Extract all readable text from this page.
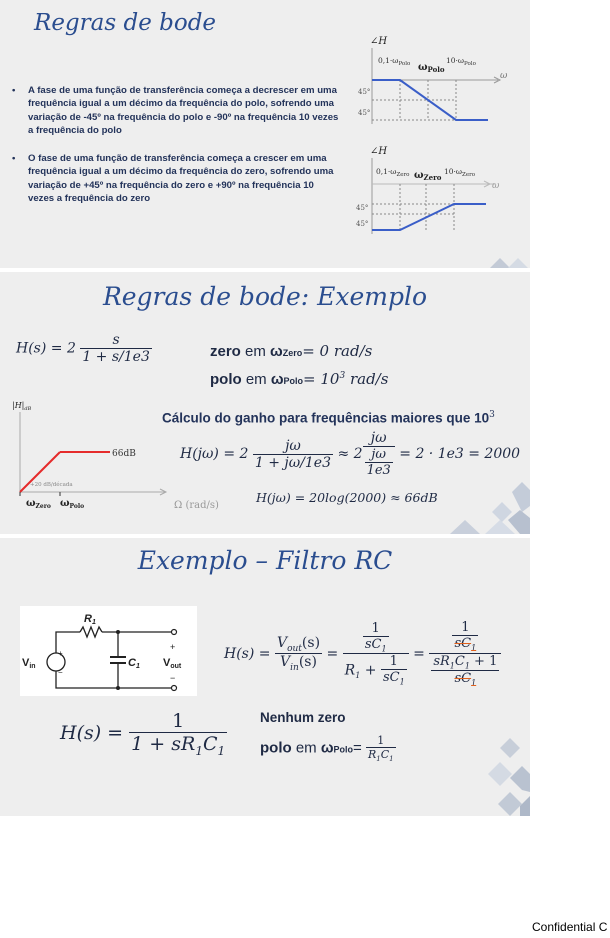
Regras de bode
• A fase de uma função de transferência começa a decrescer em uma frequência igual a um décimo da frequência do polo, sofrendo uma variação de -45º na frequência do polo e -90º na frequência 10 vezes a frequência do polo
• O fase de uma função de transferência começa a crescer em uma frequência igual a um décimo da frequência do zero, sofrendo uma variação de +45º na frequência do zero e +90º na frequência 10 vezes a frequência do zero
∠H
ω
$0,1\cdot\omega_{Polo}$ $\omega_{Polo}$
$10\cdot\omega_{Polo}$
45°
45°
∠H
ω
$0,1\cdot\omega_{Zero}$ $\omega_{Zero}$
$10\cdot\omega_{Zero}$
45°
45°
Regras de bode: Exemplo
$H(s) = 2 \frac{s}{1 + s/1e3}$	zero em ωZero= 0 rad/s
polo em ωPolo= $10^3$ rad/s
Cálculo do ganho para frequências maiores que $10^3$
$H(j\omega) = 2 \frac{j\omega}{1 + j\omega/1e3} \approx 2 \frac{j\omega}{\frac{j\omega}{1e3}} = 2 \cdot 1e3 = 2000$
H(jω) = 20log(2000) ≈ 66dB
$|H|_{dB}$
Ω (rad/s)
66dB
+20 dB/década
$\omega_{Zero}$ $\omega_{Polo}$
Exemplo – Filtro RC
+
−
Vin
R1
C1
+
−
Vout
$H(s) = \frac{V_{out}(s)}{V_{in}(s)} = \frac{\frac{1}{sC_1}}{R_1 + \frac{1}{sC_1}} = \frac{\frac{1}{sC_1}}{\frac{sR_1C_1 + 1}{sC_1}}$
$H(s) = \frac{1}{1 + sR_1C_1}$ Nenhum zero
polo em ωPolo= $\frac{1}{R_1C_1}$
Confidential C
